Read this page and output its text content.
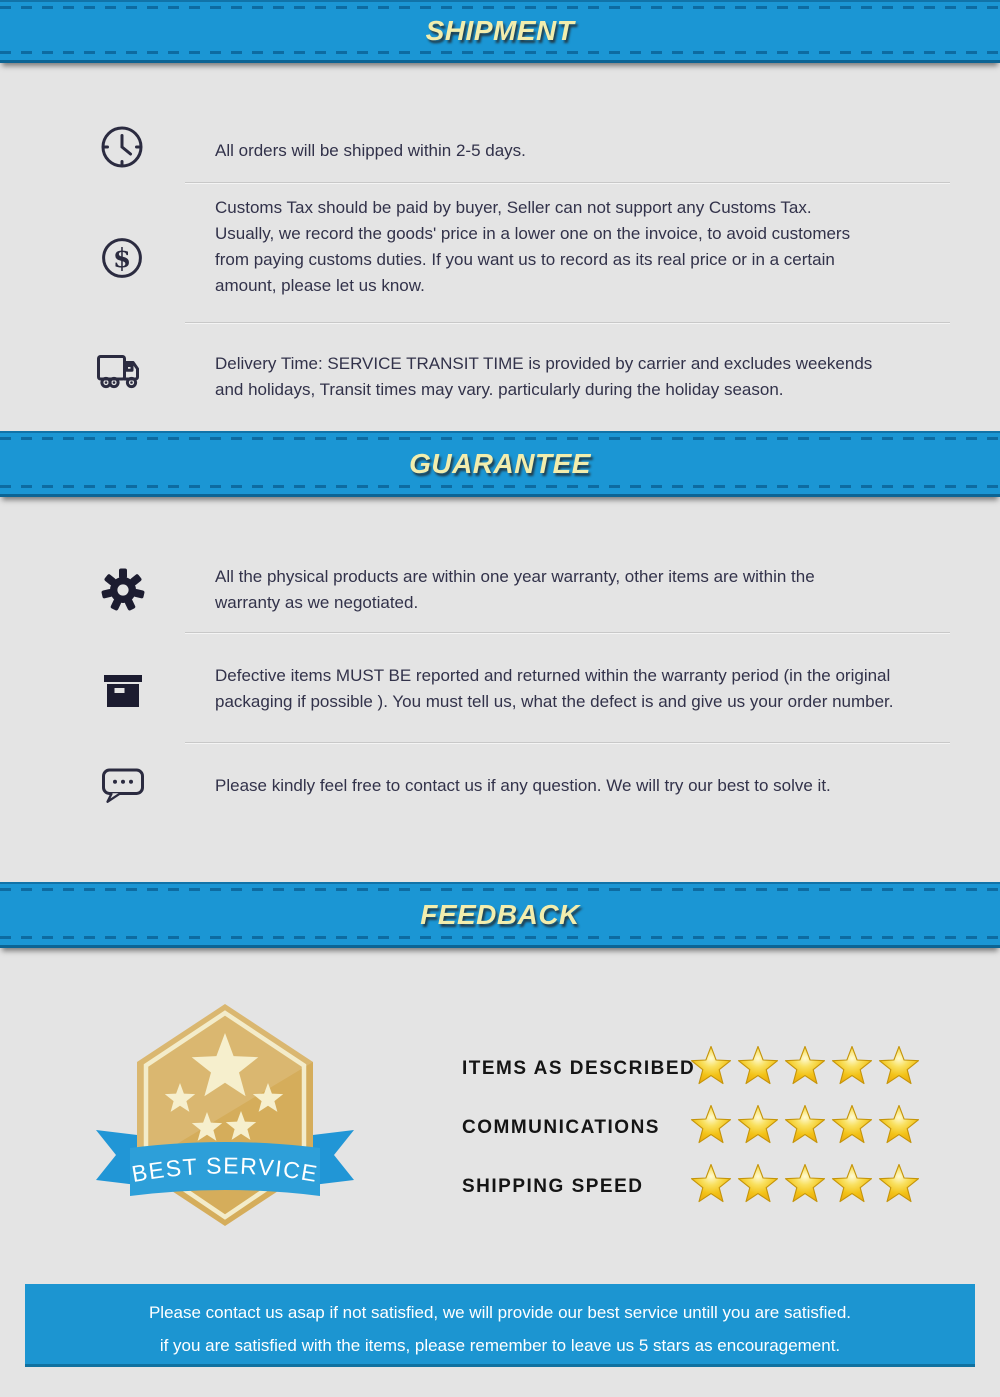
SHIPMENT
All orders will be shipped within 2-5 days.
$
Customs Tax should be paid by buyer, Seller can not support any Customs Tax.
Usually, we record the goods' price in a lower one on the invoice, to avoid customers
from paying customs duties. If you want us to record as its real price or in a certain
amount, please let us know.
Delivery Time: SERVICE TRANSIT TIME is provided by carrier and excludes weekends
and holidays, Transit times may vary. particularly during the holiday season.
GUARANTEE
All the physical products are within one year warranty, other items are within the
warranty as we negotiated.
Defective items MUST BE reported and returned within the warranty period (in the original
packaging if possible ). You must tell us, what the defect is and give us your order number.
Please kindly feel free to contact us if any question. We will try our best to solve it.
FEEDBACK
BEST SERVICE
ITEMS AS DESCRIBED
COMMUNICATIONS
SHIPPING SPEED
Please contact us asap if not satisfied, we will provide our best service untill you are satisfied.
if you are satisfied with the items, please remember to leave us 5 stars as encouragement.
